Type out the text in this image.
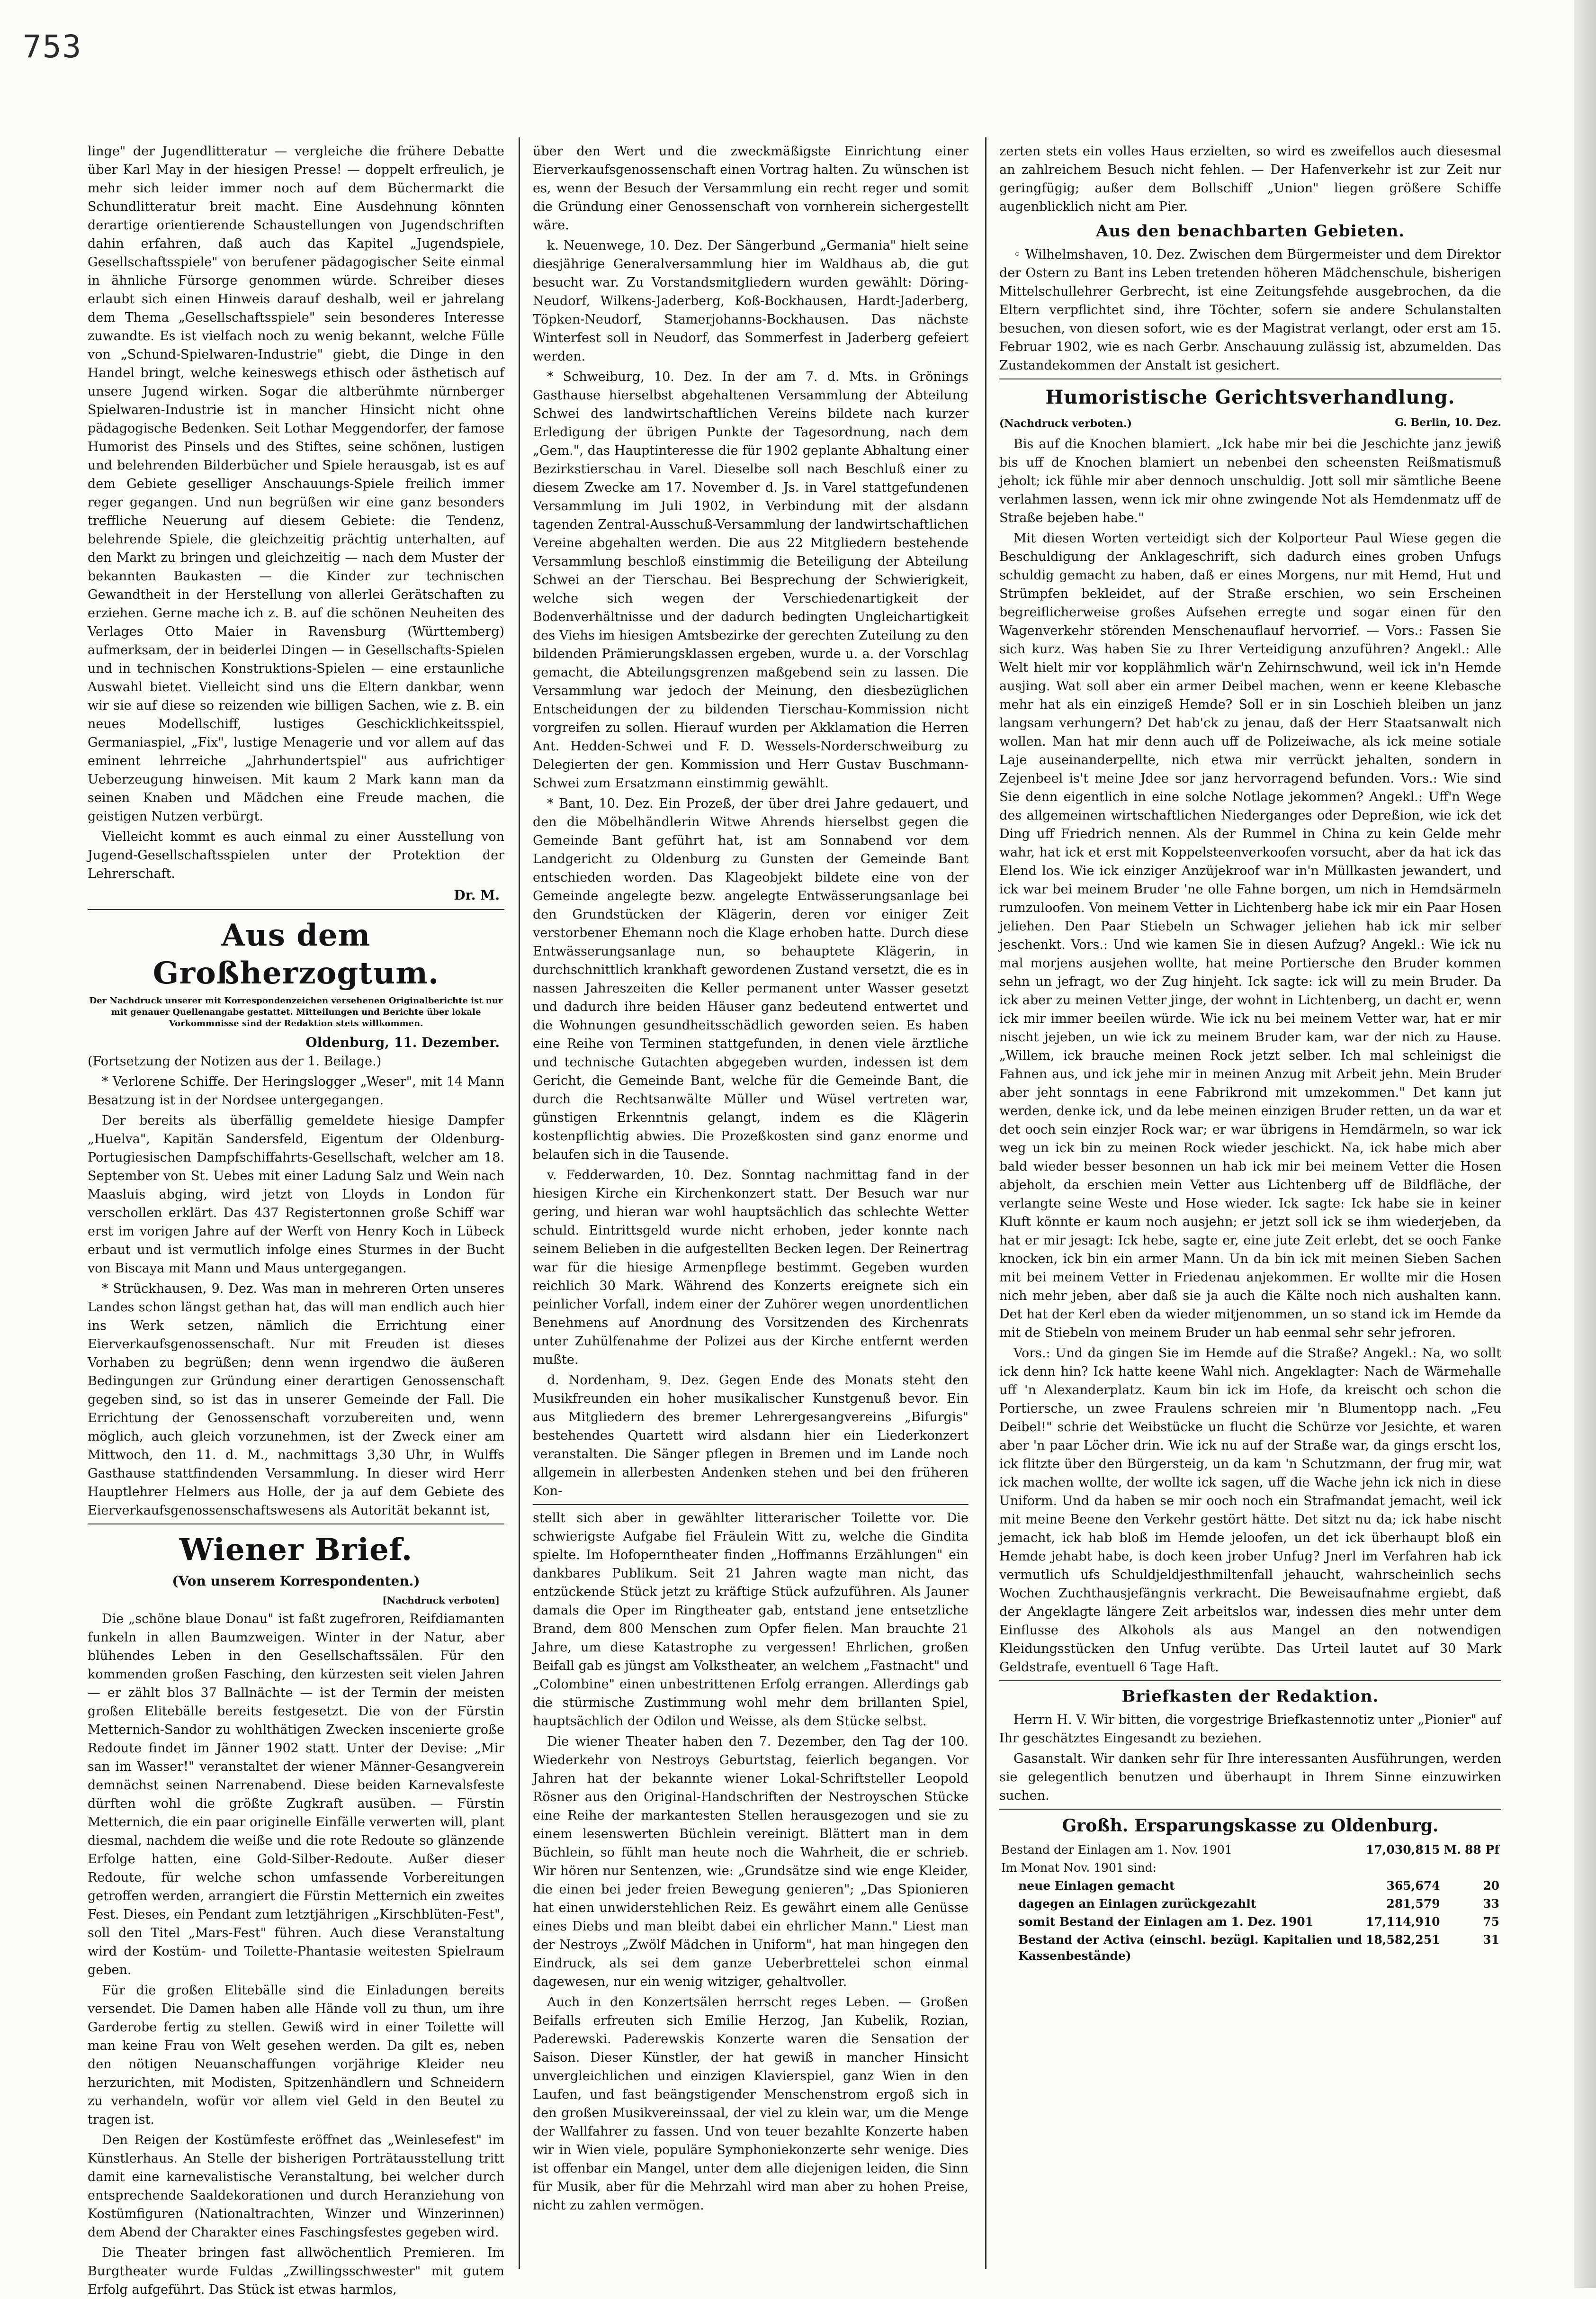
753

linge" der Jugendlitteratur — vergleiche die frühere Debatte über Karl May in der hiesigen Presse! — doppelt erfreulich, je mehr sich leider immer noch auf dem Büchermarkt die Schundlitteratur breit macht. Eine Ausdehnung könnten derartige orientierende Schaustellungen von Jugendschriften dahin erfahren, daß auch das Kapitel „Jugendspiele, Gesellschaftsspiele" von berufener pädagogischer Seite einmal in ähnliche Fürsorge genommen würde. Schreiber dieses erlaubt sich einen Hinweis darauf deshalb, weil er jahrelang dem Thema „Gesellschaftsspiele" sein besonderes Interesse zuwandte. Es ist vielfach noch zu wenig bekannt, welche Fülle von „Schund-Spielwaren-Industrie" giebt, die Dinge in den Handel bringt, welche keineswegs ethisch oder ästhetisch auf unsere Jugend wirken. Sogar die altberühmte nürnberger Spielwaren-Industrie ist in mancher Hinsicht nicht ohne pädagogische Bedenken. Seit Lothar Meggendorfer, der famose Humorist des Pinsels und des Stiftes, seine schönen, lustigen und belehrenden Bilderbücher und Spiele herausgab, ist es auf dem Gebiete geselliger Anschauungs-Spiele freilich immer reger gegangen. Und nun begrüßen wir eine ganz besonders treffliche Neuerung auf diesem Gebiete: die Tendenz, belehrende Spiele, die gleichzeitig prächtig unterhalten, auf den Markt zu bringen und gleichzeitig — nach dem Muster der bekannten Baukasten — die Kinder zur technischen Gewandtheit in der Herstellung von allerlei Gerätschaften zu erziehen. Gerne mache ich z. B. auf die schönen Neuheiten des Verlages Otto Maier in Ravensburg (Württemberg) aufmerksam, der in beiderlei Dingen — in Gesellschafts-Spielen und in technischen Konstruktions-Spielen — eine erstaunliche Auswahl bietet. Vielleicht sind uns die Eltern dankbar, wenn wir sie auf diese so reizenden wie billigen Sachen, wie z. B. ein neues Modellschiff, lustiges Geschicklichkeitsspiel, Germaniaspiel, „Fix", lustige Menagerie und vor allem auf das eminent lehrreiche „Jahrhundertspiel" aus aufrichtiger Ueberzeugung hinweisen. Mit kaum 2 Mark kann man da seinen Knaben und Mädchen eine Freude machen, die geistigen Nutzen verbürgt.

Vielleicht kommt es auch einmal zu einer Ausstellung von Jugend-Gesellschaftsspielen unter der Protektion der Lehrerschaft.

Dr. M.
Aus dem Großherzogtum.
Der Nachdruck unserer mit Korrespondenzeichen versehenen Originalberichte ist nur mit genauer Quellenangabe gestattet. Mitteilungen und Berichte über lokale Vorkommnisse sind der Redaktion stets willkommen.
Oldenburg, 11. Dezember.

(Fortsetzung der Notizen aus der 1. Beilage.)

* Verlorene Schiffe. Der Heringslogger „Weser", mit 14 Mann Besatzung ist in der Nordsee untergegangen.

Der bereits als überfällig gemeldete hiesige Dampfer „Huelva", Kapitän Sandersfeld, Eigentum der Oldenburg-Portugiesischen Dampfschiffahrts-Gesellschaft, welcher am 18. September von St. Uebes mit einer Ladung Salz und Wein nach Maasluis abging, wird jetzt von Lloyds in London für verschollen erklärt. Das 437 Registertonnen große Schiff war erst im vorigen Jahre auf der Werft von Henry Koch in Lübeck erbaut und ist vermutlich infolge eines Sturmes in der Bucht von Biscaya mit Mann und Maus untergegangen.

* Strückhausen, 9. Dez. Was man in mehreren Orten unseres Landes schon längst gethan hat, das will man endlich auch hier ins Werk setzen, nämlich die Errichtung einer Eierverkaufsgenossenschaft. Nur mit Freuden ist dieses Vorhaben zu begrüßen; denn wenn irgendwo die äußeren Bedingungen zur Gründung einer derartigen Genossenschaft gegeben sind, so ist das in unserer Gemeinde der Fall. Die Errichtung der Genossenschaft vorzubereiten und, wenn möglich, auch gleich vorzunehmen, ist der Zweck einer am Mittwoch, den 11. d. M., nachmittags 3,30 Uhr, in Wulffs Gasthause stattfindenden Versammlung. In dieser wird Herr Hauptlehrer Helmers aus Holle, der ja auf dem Gebiete des Eierverkaufsgenossenschaftswesens als Autorität bekannt ist,

Wiener Brief.
(Von unserem Korrespondenten.)
[Nachdruck verboten]

Die „schöne blaue Donau" ist faßt zugefroren, Reifdiamanten funkeln in allen Baumzweigen. Winter in der Natur, aber blühendes Leben in den Gesellschaftssälen. Für den kommenden großen Fasching, den kürzesten seit vielen Jahren — er zählt blos 37 Ballnächte — ist der Termin der meisten großen Elitebälle bereits festgesetzt. Die von der Fürstin Metternich-Sandor zu wohlthätigen Zwecken inscenierte große Redoute findet im Jänner 1902 statt. Unter der Devise: „Mir san im Wasser!" veranstaltet der wiener Männer-Gesangverein demnächst seinen Narrenabend. Diese beiden Karnevalsfeste dürften wohl die größte Zugkraft ausüben. — Fürstin Metternich, die ein paar originelle Einfälle verwerten will, plant diesmal, nachdem die weiße und die rote Redoute so glänzende Erfolge hatten, eine Gold-Silber-Redoute. Außer dieser Redoute, für welche schon umfassende Vorbereitungen getroffen werden, arrangiert die Fürstin Metternich ein zweites Fest. Dieses, ein Pendant zum letztjährigen „Kirschblüten-Fest", soll den Titel „Mars-Fest" führen. Auch diese Veranstaltung wird der Kostüm- und Toilette-Phantasie weitesten Spielraum geben.

Für die großen Elitebälle sind die Einladungen bereits versendet. Die Damen haben alle Hände voll zu thun, um ihre Garderobe fertig zu stellen. Gewiß wird in einer Toilette will man keine Frau von Welt gesehen werden. Da gilt es, neben den nötigen Neuanschaffungen vorjährige Kleider neu herzurichten, mit Modisten, Spitzenhändlern und Schneidern zu verhandeln, wofür vor allem viel Geld in den Beutel zu tragen ist.

Den Reigen der Kostümfeste eröffnet das „Weinlesefest" im Künstlerhaus. An Stelle der bisherigen Porträtausstellung tritt damit eine karnevalistische Veranstaltung, bei welcher durch entsprechende Saaldekorationen und durch Heranziehung von Kostümfiguren (Nationaltrachten, Winzer und Winzerinnen) dem Abend der Charakter eines Faschingsfestes gegeben wird.

Die Theater bringen fast allwöchentlich Premieren. Im Burgtheater wurde Fuldas „Zwillingsschwester" mit gutem Erfolg aufgeführt. Das Stück ist etwas harmlos,

über den Wert und die zweckmäßigste Einrichtung einer Eierverkaufsgenossenschaft einen Vortrag halten. Zu wünschen ist es, wenn der Besuch der Versammlung ein recht reger und somit die Gründung einer Genossenschaft von vornherein sichergestellt wäre.

k. Neuenwege, 10. Dez. Der Sängerbund „Germania" hielt seine diesjährige Generalversammlung hier im Waldhaus ab, die gut besucht war. Zu Vorstandsmitgliedern wurden gewählt: Döring-Neudorf, Wilkens-Jaderberg, Koß-Bockhausen, Hardt-Jaderberg, Töpken-Neudorf, Stamerjohanns-Bockhausen. Das nächste Winterfest soll in Neudorf, das Sommerfest in Jaderberg gefeiert werden.

* Schweiburg, 10. Dez. In der am 7. d. Mts. in Grönings Gasthause hierselbst abgehaltenen Versammlung der Abteilung Schwei des landwirtschaftlichen Vereins bildete nach kurzer Erledigung der übrigen Punkte der Tagesordnung, nach dem „Gem.", das Hauptinteresse die für 1902 geplante Abhaltung einer Bezirkstierschau in Varel. Dieselbe soll nach Beschluß einer zu diesem Zwecke am 17. November d. Js. in Varel stattgefundenen Versammlung im Juli 1902, in Verbindung mit der alsdann tagenden Zentral-Ausschuß-Versammlung der landwirtschaftlichen Vereine abgehalten werden. Die aus 22 Mitgliedern bestehende Versammlung beschloß einstimmig die Beteiligung der Abteilung Schwei an der Tierschau. Bei Besprechung der Schwierigkeit, welche sich wegen der Verschiedenartigkeit der Bodenverhältnisse und der dadurch bedingten Ungleichartigkeit des Viehs im hiesigen Amtsbezirke der gerechten Zuteilung zu den bildenden Prämierungsklassen ergeben, wurde u. a. der Vorschlag gemacht, die Abteilungsgrenzen maßgebend sein zu lassen. Die Versammlung war jedoch der Meinung, den diesbezüglichen Entscheidungen der zu bildenden Tierschau-Kommission nicht vorgreifen zu sollen. Hierauf wurden per Akklamation die Herren Ant. Hedden-Schwei und F. D. Wessels-Norderschweiburg zu Delegierten der gen. Kommission und Herr Gustav Buschmann-Schwei zum Ersatzmann einstimmig gewählt.

* Bant, 10. Dez. Ein Prozeß, der über drei Jahre gedauert, und den die Möbelhändlerin Witwe Ahrends hierselbst gegen die Gemeinde Bant geführt hat, ist am Sonnabend vor dem Landgericht zu Oldenburg zu Gunsten der Gemeinde Bant entschieden worden. Das Klageobjekt bildete eine von der Gemeinde angelegte bezw. angelegte Entwässerungsanlage bei den Grundstücken der Klägerin, deren vor einiger Zeit verstorbener Ehemann noch die Klage erhoben hatte. Durch diese Entwässerungsanlage nun, so behauptete Klägerin, in durchschnittlich krankhaft gewordenen Zustand versetzt, die es in nassen Jahreszeiten die Keller permanent unter Wasser gesetzt und dadurch ihre beiden Häuser ganz bedeutend entwertet und die Wohnungen gesundheitsschädlich geworden seien. Es haben eine Reihe von Terminen stattgefunden, in denen viele ärztliche und technische Gutachten abgegeben wurden, indessen ist dem Gericht, die Gemeinde Bant, welche für die Gemeinde Bant, die durch die Rechtsanwälte Müller und Wüsel vertreten war, günstigen Erkenntnis gelangt, indem es die Klägerin kostenpflichtig abwies. Die Prozeßkosten sind ganz enorme und belaufen sich in die Tausende.

v. Fedderwarden, 10. Dez. Sonntag nachmittag fand in der hiesigen Kirche ein Kirchenkonzert statt. Der Besuch war nur gering, und hieran war wohl hauptsächlich das schlechte Wetter schuld. Eintrittsgeld wurde nicht erhoben, jeder konnte nach seinem Belieben in die aufgestellten Becken legen. Der Reinertrag war für die hiesige Armenpflege bestimmt. Gegeben wurden reichlich 30 Mark. Während des Konzerts ereignete sich ein peinlicher Vorfall, indem einer der Zuhörer wegen unordentlichen Benehmens auf Anordnung des Vorsitzenden des Kirchenrats unter Zuhülfenahme der Polizei aus der Kirche entfernt werden mußte.

d. Nordenham, 9. Dez. Gegen Ende des Monats steht den Musikfreunden ein hoher musikalischer Kunstgenuß bevor. Ein aus Mitgliedern des bremer Lehrergesangvereins „Bifurgis" bestehendes Quartett wird alsdann hier ein Liederkonzert veranstalten. Die Sänger pflegen in Bremen und im Lande noch allgemein in allerbesten Andenken stehen und bei den früheren Kon-

stellt sich aber in gewählter litterarischer Toilette vor. Die schwierigste Aufgabe fiel Fräulein Witt zu, welche die Gindita spielte. Im Hofoperntheater finden „Hoffmanns Erzählungen" ein dankbares Publikum. Seit 21 Jahren wagte man nicht, das entzückende Stück jetzt zu kräftige Stück aufzuführen. Als Jauner damals die Oper im Ringtheater gab, entstand jene entsetzliche Brand, dem 800 Menschen zum Opfer fielen. Man brauchte 21 Jahre, um diese Katastrophe zu vergessen! Ehrlichen, großen Beifall gab es jüngst am Volkstheater, an welchem „Fastnacht" und „Colombine" einen unbestrittenen Erfolg errangen. Allerdings gab die stürmische Zustimmung wohl mehr dem brillanten Spiel, hauptsächlich der Odilon und Weisse, als dem Stücke selbst.

Die wiener Theater haben den 7. Dezember, den Tag der 100. Wiederkehr von Nestroys Geburtstag, feierlich begangen. Vor Jahren hat der bekannte wiener Lokal-Schriftsteller Leopold Rösner aus den Original-Handschriften der Nestroyschen Stücke eine Reihe der markantesten Stellen herausgezogen und sie zu einem lesenswerten Büchlein vereinigt. Blättert man in dem Büchlein, so fühlt man heute noch die Wahrheit, die er schrieb. Wir hören nur Sentenzen, wie: „Grundsätze sind wie enge Kleider, die einen bei jeder freien Bewegung genieren"; „Das Spionieren hat einen unwiderstehlichen Reiz. Es gewährt einem alle Genüsse eines Diebs und man bleibt dabei ein ehrlicher Mann." Liest man der Nestroys „Zwölf Mädchen in Uniform", hat man hingegen den Eindruck, als sei dem ganze Ueberbrettelei schon einmal dagewesen, nur ein wenig witziger, gehaltvoller.

Auch in den Konzertsälen herrscht reges Leben. — Großen Beifalls erfreuten sich Emilie Herzog, Jan Kubelik, Rozian, Paderewski. Paderewskis Konzerte waren die Sensation der Saison. Dieser Künstler, der hat gewiß in mancher Hinsicht unvergleichlichen und einzigen Klavierspiel, ganz Wien in den Laufen, und fast beängstigender Menschenstrom ergoß sich in den großen Musikvereinssaal, der viel zu klein war, um die Menge der Wallfahrer zu fassen. Und von teuer bezahlte Konzerte haben wir in Wien viele, populäre Symphoniekonzerte sehr wenige. Dies ist offenbar ein Mangel, unter dem alle diejenigen leiden, die Sinn für Musik, aber für die Mehrzahl wird man aber zu hohen Preise, nicht zu zahlen vermögen.

zerten stets ein volles Haus erzielten, so wird es zweifellos auch diesesmal an zahlreichem Besuch nicht fehlen. — Der Hafenverkehr ist zur Zeit nur geringfügig; außer dem Bollschiff „Union" liegen größere Schiffe augenblicklich nicht am Pier.

Aus den benachbarten Gebieten.

◦ Wilhelmshaven, 10. Dez. Zwischen dem Bürgermeister und dem Direktor der Ostern zu Bant ins Leben tretenden höheren Mädchenschule, bisherigen Mittelschullehrer Gerbrecht, ist eine Zeitungsfehde ausgebrochen, da die Eltern verpflichtet sind, ihre Töchter, sofern sie andere Schulanstalten besuchen, von diesen sofort, wie es der Magistrat verlangt, oder erst am 15. Februar 1902, wie es nach Gerbr. Anschauung zulässig ist, abzumelden. Das Zustandekommen der Anstalt ist gesichert.

Humoristische Gerichtsverhandlung.
(Nachdruck verboten.)	G. Berlin, 10. Dez.

Bis auf die Knochen blamiert. „Ick habe mir bei die Jeschichte janz jewiß bis uff de Knochen blamiert un nebenbei den scheensten Reißmatismuß jeholt; ick fühle mir aber dennoch unschuldig. Jott soll mir sämtliche Beene verlahmen lassen, wenn ick mir ohne zwingende Not als Hemdenmatz uff de Straße bejeben habe."

Mit diesen Worten verteidigt sich der Kolporteur Paul Wiese gegen die Beschuldigung der Anklageschrift, sich dadurch eines groben Unfugs schuldig gemacht zu haben, daß er eines Morgens, nur mit Hemd, Hut und Strümpfen bekleidet, auf der Straße erschien, wo sein Erscheinen begreiflicherweise großes Aufsehen erregte und sogar einen für den Wagenverkehr störenden Menschenauflauf hervorrief. — Vors.: Fassen Sie sich kurz. Was haben Sie zu Ihrer Verteidigung anzuführen? Angekl.: Alle Welt hielt mir vor kopplähmlich wär'n Zehirnschwund, weil ick in'n Hemde ausjing. Wat soll aber ein armer Deibel machen, wenn er keene Klebasche mehr hat als ein einzigeß Hemde? Soll er in sin Loschieh bleiben un janz langsam verhungern? Det hab'ck zu jenau, daß der Herr Staatsanwalt nich wollen. Man hat mir denn auch uff de Polizeiwache, als ick meine sotiale Laje auseinanderpellte, nich etwa mir verrückt jehalten, sondern in Zejenbeel is't meine Jdee sor janz hervorragend befunden. Vors.: Wie sind Sie denn eigentlich in eine solche Notlage jekommen? Angekl.: Uff'n Wege des allgemeinen wirtschaftlichen Niederganges oder Depreßion, wie ick det Ding uff Friedrich nennen. Als der Rummel in China zu kein Gelde mehr wahr, hat ick et erst mit Koppelsteenverkoofen vorsucht, aber da hat ick das Elend los. Wie ick einziger Anzüjekroof war in'n Müllkasten jewandert, und ick war bei meinem Bruder 'ne olle Fahne borgen, um nich in Hemdsärmeln rumzuloofen. Von meinem Vetter in Lichtenberg habe ick mir ein Paar Hosen jeliehen. Den Paar Stiebeln un Schwager jeliehen hab ick mir selber jeschenkt. Vors.: Und wie kamen Sie in diesen Aufzug? Angekl.: Wie ick nu mal morjens ausjehen wollte, hat meine Portiersche den Bruder kommen sehn un jefragt, wo der Zug hinjeht. Ick sagte: ick will zu mein Bruder. Da ick aber zu meinen Vetter jinge, der wohnt in Lichtenberg, un dacht er, wenn ick mir immer beeilen würde. Wie ick nu bei meinem Vetter war, hat er mir nischt jejeben, un wie ick zu meinem Bruder kam, war der nich zu Hause. „Willem, ick brauche meinen Rock jetzt selber. Ich mal schleinigst die Fahnen aus, und ick jehe mir in meinen Anzug mit Arbeit jehn. Mein Bruder aber jeht sonntags in eene Fabrikrond mit umzekommen." Det kann jut werden, denke ick, und da lebe meinen einzigen Bruder retten, un da war et det ooch sein einzjer Rock war; er war übrigens in Hemdärmeln, so war ick weg un ick bin zu meinen Rock wieder jeschickt. Na, ick habe mich aber bald wieder besser besonnen un hab ick mir bei meinem Vetter die Hosen abjeholt, da erschien mein Vetter aus Lichtenberg uff de Bildfläche, der verlangte seine Weste und Hose wieder. Ick sagte: Ick habe sie in keiner Kluft könnte er kaum noch ausjehn; er jetzt soll ick se ihm wiederjeben, da hat er mir jesagt: Ick hebe, sagte er, eine jute Zeit erlebt, det se ooch Fanke knocken, ick bin ein armer Mann. Un da bin ick mit meinen Sieben Sachen mit bei meinem Vetter in Friedenau anjekommen. Er wollte mir die Hosen nich mehr jeben, aber daß sie ja auch die Kälte noch nich aushalten kann. Det hat der Kerl eben da wieder mitjenommen, un so stand ick im Hemde da mit de Stiebeln von meinem Bruder un hab eenmal sehr sehr jefroren.

Vors.: Und da gingen Sie im Hemde auf die Straße? Angekl.: Na, wo sollt ick denn hin? Ick hatte keene Wahl nich. Angeklagter: Nach de Wärmehalle uff 'n Alexanderplatz. Kaum bin ick im Hofe, da kreischt och schon die Portiersche, un zwee Fraulens schreien mir 'n Blumentopp nach. „Feu Deibel!" schrie det Weibstücke un flucht die Schürze vor Jesichte, et waren aber 'n paar Löcher drin. Wie ick nu auf der Straße war, da gings erscht los, ick flitzte über den Bürgersteig, un da kam 'n Schutzmann, der frug mir, wat ick machen wollte, der wollte ick sagen, uff die Wache jehn ick nich in diese Uniform. Und da haben se mir ooch noch ein Strafmandat jemacht, weil ick mit meine Beene den Verkehr gestört hätte. Det sitzt nu da; ick habe nischt jemacht, ick hab bloß im Hemde jeloofen, un det ick überhaupt bloß ein Hemde jehabt habe, is doch keen jrober Unfug? Jnerl im Verfahren hab ick vermutlich ufs Schuldjeldjesthmiltenfall jehaucht, wahrscheinlich sechs Wochen Zuchthausjefängnis verkracht. Die Beweisaufnahme ergiebt, daß der Angeklagte längere Zeit arbeitslos war, indessen dies mehr unter dem Einflusse des Alkohols als aus Mangel an den notwendigen Kleidungsstücken den Unfug verübte. Das Urteil lautet auf 30 Mark Geldstrafe, eventuell 6 Tage Haft.

Briefkasten der Redaktion.

Herrn H. V. Wir bitten, die vorgestrige Briefkastennotiz unter „Pionier" auf Ihr geschätztes Eingesandt zu beziehen.

Gasanstalt. Wir danken sehr für Ihre interessanten Ausführungen, werden sie gelegentlich benutzen und überhaupt in Ihrem Sinne einzuwirken suchen.

Großh. Ersparungskasse zu Oldenburg.
Bestand der Einlagen am 1. Nov. 1901	17,030,815	M.	88 Pf
Im Monat Nov. 1901 sind:			
neue Einlagen gemacht	365,674		20
dagegen an Einlagen zurückgezahlt	281,579		33
somit Bestand der Einlagen am 1. Dez. 1901	17,114,910		75
Bestand der Activa (einschl. bezügl. Kapitalien und Kassenbestände)	18,582,251		31
